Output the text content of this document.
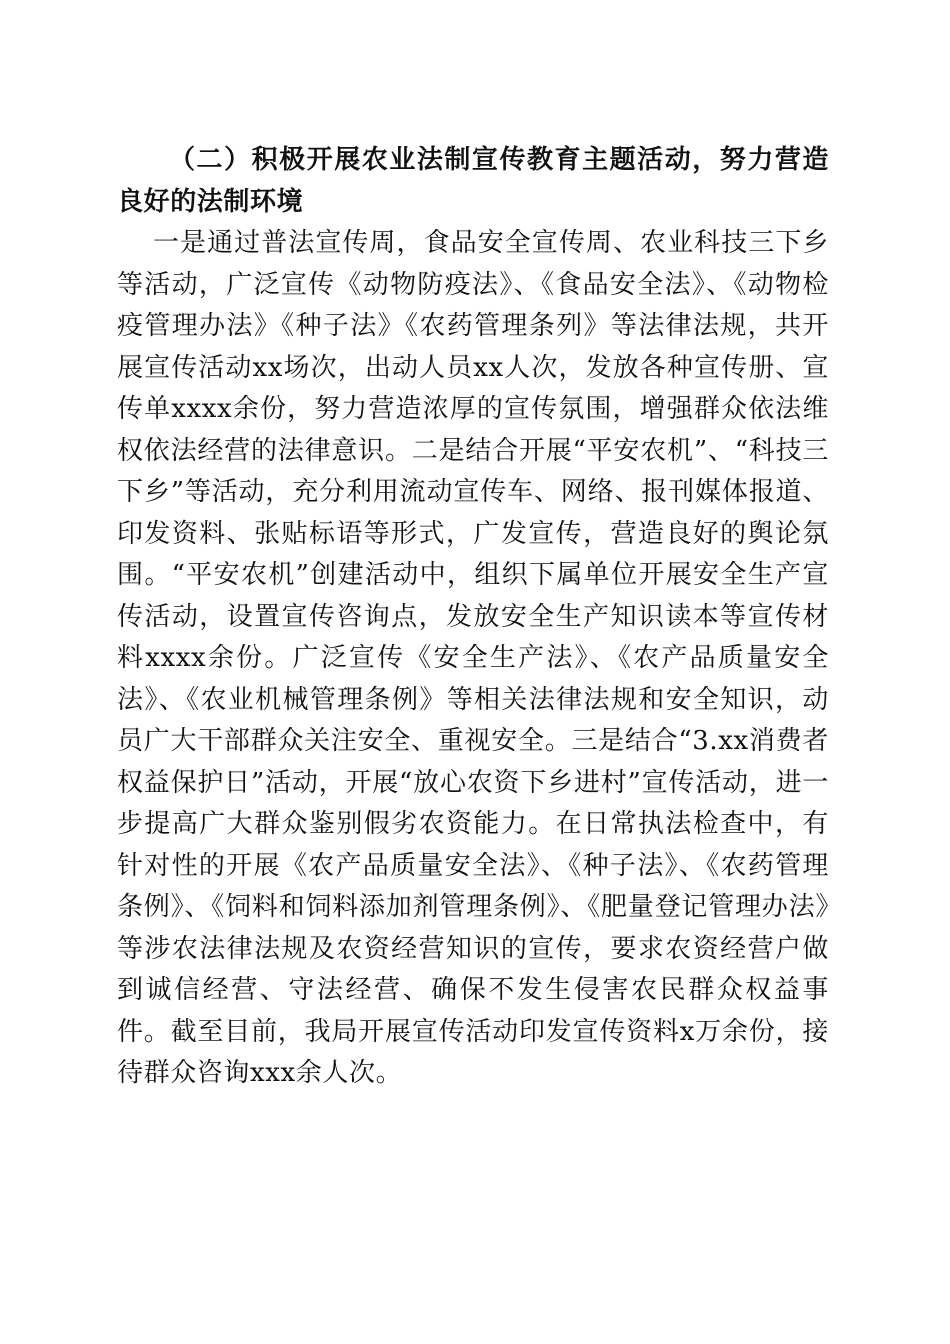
（二）积极开展农业法制宣传教育主题活动，努力营造良好的法制环境

一是通过普法宣传周，食品安全宣传周、农业科技三下乡等活动，广泛宣传《动物防疫法》、《食品安全法》、《动物检疫管理办法》《种子法》《农药管理条列》等法律法规，共开展宣传活动xx场次，出动人员xx人次，发放各种宣传册、宣传单xxxx余份，努力营造浓厚的宣传氛围，增强群众依法维权依法经营的法律意识。二是结合开展“平安农机”、“科技三下乡”等活动，充分利用流动宣传车、网络、报刊媒体报道、印发资料、张贴标语等形式，广发宣传，营造良好的舆论氛围。“平安农机”创建活动中，组织下属单位开展安全生产宣传活动，设置宣传咨询点，发放安全生产知识读本等宣传材料xxxx余份。广泛宣传《安全生产法》、《农产品质量安全法》、《农业机械管理条例》等相关法律法规和安全知识，动员广大干部群众关注安全、重视安全。三是结合“3.xx消费者权益保护日”活动，开展“放心农资下乡进村”宣传活动，进一步提高广大群众鉴别假劣农资能力。在日常执法检查中，有针对性的开展《农产品质量安全法》、《种子法》、《农药管理条例》、《饲料和饲料添加剂管理条例》、《肥量登记管理办法》等涉农法律法规及农资经营知识的宣传，要求农资经营户做到诚信经营、守法经营、确保不发生侵害农民群众权益事件。截至目前，我局开展宣传活动印发宣传资料x万余份，接待群众咨询xxx余人次。
